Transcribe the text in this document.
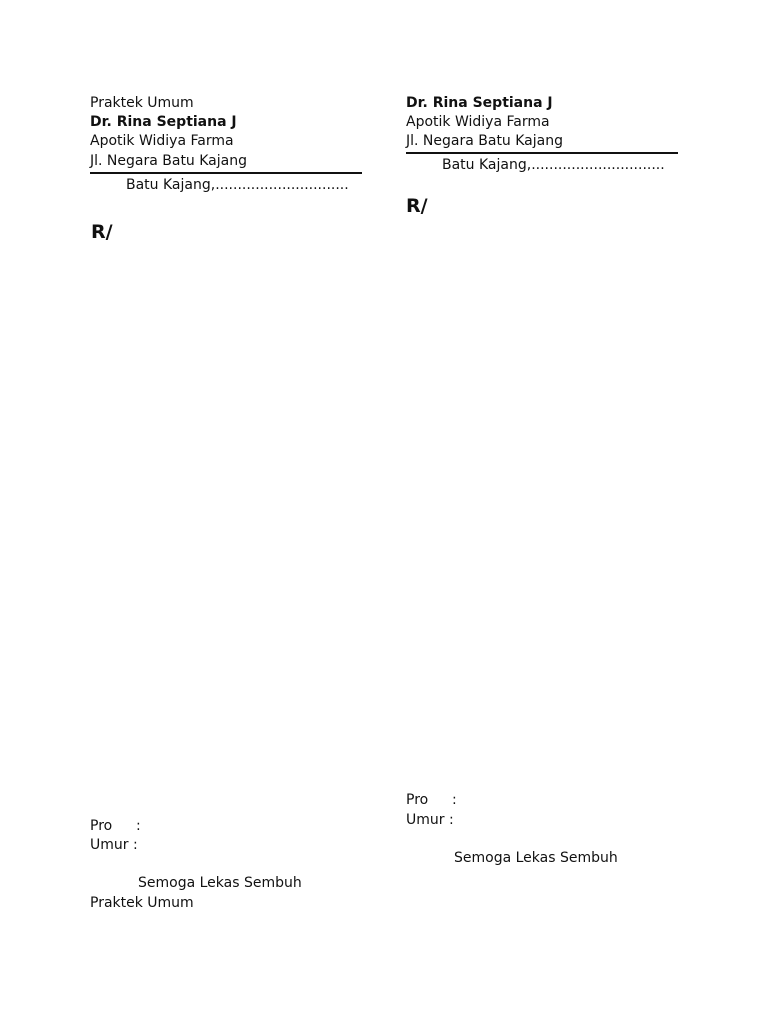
Praktek Umum
Dr. Rina Septiana J
Apotik Widiya Farma
Jl. Negara Batu Kajang
Batu Kajang,..............................
R/
Pro :
Umur :
Semoga Lekas Sembuh
Praktek Umum
Dr. Rina Septiana J
Apotik Widiya Farma
Jl. Negara Batu Kajang
Batu Kajang,..............................
R/
Pro :
Umur :
Semoga Lekas Sembuh
